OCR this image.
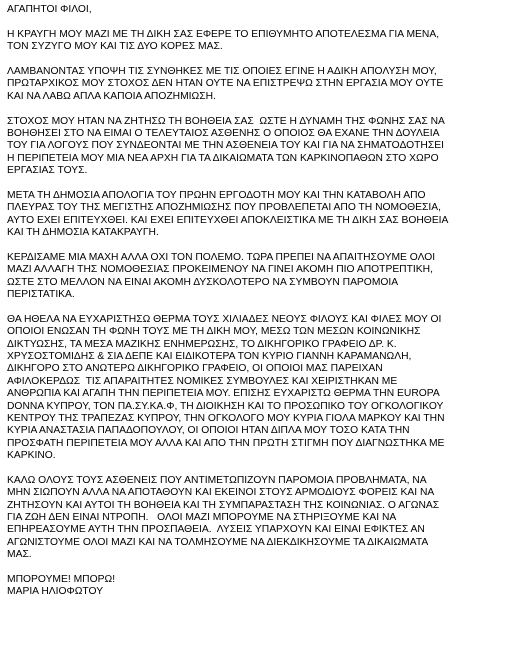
ΑΓΑΠΗΤΟΙ ΦΙΛΟΙ,
Η ΚΡΑΥΓΗ ΜΟΥ ΜΑΖΙ ΜΕ ΤΗ ΔΙΚΗ ΣΑΣ ΕΦΕΡΕ ΤΟ ΕΠΙΘΥΜΗΤΟ ΑΠΟΤΕΛΕΣΜΑ ΓΙΑ ΜΕΝΑ,
ΤΟΝ ΣΥΖΥΓΟ ΜΟΥ ΚΑΙ ΤΙΣ ΔΥΟ ΚΟΡΕΣ ΜΑΣ.
ΛΑΜΒΑΝΟΝΤΑΣ ΥΠΟΨΗ ΤΙΣ ΣΥΝΘΗΚΕΣ ΜΕ ΤΙΣ ΟΠΟΙΕΣ ΕΓΙΝΕ Η ΑΔΙΚΗ ΑΠΟΛΥΣΗ ΜΟΥ,
ΠΡΩΤΑΡΧΙΚΟΣ ΜΟΥ ΣΤΟΧΟΣ ΔΕΝ ΗΤΑΝ ΟΥΤΕ ΝΑ ΕΠΙΣΤΡΕΨΩ ΣΤΗΝ ΕΡΓΑΣΙΑ ΜΟΥ ΟΥΤΕ
ΚΑΙ ΝΑ ΛΑΒΩ ΑΠΛΑ ΚΑΠΟΙΑ ΑΠΟΖΗΜΙΩΣΗ.
ΣΤΟΧΟΣ ΜΟΥ ΗΤΑΝ ΝΑ ΖΗΤΗΣΩ ΤΗ ΒΟΗΘΕΙΑ ΣΑΣ  ΩΣΤΕ Η ΔΥΝΑΜΗ ΤΗΣ ΦΩΝΗΣ ΣΑΣ ΝΑ
ΒΟΗΘΗΣΕΙ ΣΤΟ ΝΑ ΕΙΜΑΙ Ο ΤΕΛΕΥΤΑΙΟΣ ΑΣΘΕΝΗΣ Ο ΟΠΟΙΟΣ ΘΑ ΕΧΑΝΕ ΤΗΝ ΔΟΥΛΕΙΑ
ΤΟΥ ΓΙΑ ΛΟΓΟΥΣ ΠΟΥ ΣΥΝΔΕΟΝΤΑΙ ΜΕ ΤΗΝ ΑΣΘΕΝΕΙΑ ΤΟΥ ΚΑΙ ΓΙΑ ΝΑ ΣΗΜΑΤΟΔΟΤΗΣΕΙ
Η ΠΕΡΙΠΕΤΕΙΑ ΜΟΥ ΜΙΑ ΝΕΑ ΑΡΧΗ ΓΙΑ ΤΑ ΔΙΚΑΙΩΜΑΤΑ ΤΩΝ ΚΑΡΚΙΝΟΠΑΘΩΝ ΣΤΟ ΧΩΡΟ
ΕΡΓΑΣΙΑΣ ΤΟΥΣ.
ΜΕΤΑ ΤΗ ΔΗΜΟΣΙΑ ΑΠΟΛΟΓΙΑ ΤΟΥ ΠΡΩΗΝ ΕΡΓΟΔΟΤΗ ΜΟΥ ΚΑΙ ΤΗΝ ΚΑΤΑΒΟΛΗ ΑΠΟ
ΠΛΕΥΡΑΣ ΤΟΥ ΤΗΣ ΜΕΓΙΣΤΗΣ ΑΠΟΖΗΜΙΩΣΗΣ ΠΟΥ ΠΡΟΒΛΕΠΕΤΑΙ ΑΠΟ ΤΗ ΝΟΜΟΘΕΣΙΑ,
ΑΥΤΟ ΕΧΕΙ ΕΠΙΤΕΥΧΘΕΙ. ΚΑΙ ΕΧΕΙ ΕΠΙΤΕΥΧΘΕΙ ΑΠΟΚΛΕΙΣΤΙΚΑ ΜΕ ΤΗ ΔΙΚΗ ΣΑΣ ΒΟΗΘΕΙΑ
ΚΑΙ ΤΗ ΔΗΜΟΣΙΑ ΚΑΤΑΚΡΑΥΓΗ.
ΚΕΡΔΙΣΑΜΕ ΜΙΑ ΜΑΧΗ ΑΛΛΑ ΟΧΙ ΤΟΝ ΠΟΛΕΜΟ. ΤΩΡΑ ΠΡΕΠΕΙ ΝΑ ΑΠΑΙΤΗΣΟΥΜΕ ΟΛΟΙ
ΜΑΖΙ ΑΛΛΑΓΗ ΤΗΣ ΝΟΜΟΘΕΣΙΑΣ ΠΡΟΚΕΙΜΕΝΟΥ ΝΑ ΓΙΝΕΙ ΑΚΟΜΗ ΠΙΟ ΑΠΟΤΡΕΠΤΙΚΗ,
ΩΣΤΕ ΣΤΟ ΜΕΛΛΟΝ ΝΑ ΕΙΝΑΙ ΑΚΟΜΗ ΔΥΣΚΟΛΟΤΕΡΟ ΝΑ ΣΥΜΒΟΥΝ ΠΑΡΟΜΟΙΑ
ΠΕΡΙΣΤΑΤΙΚΑ.
ΘΑ ΗΘΕΛΑ ΝΑ ΕΥΧΑΡΙΣΤΗΣΩ ΘΕΡΜΑ ΤΟΥΣ ΧΙΛΙΑΔΕΣ ΝΕΟΥΣ ΦΙΛΟΥΣ ΚΑΙ ΦΙΛΕΣ ΜΟΥ ΟΙ
ΟΠΟΙΟΙ ΕΝΩΣΑΝ ΤΗ ΦΩΝΗ ΤΟΥΣ ΜΕ ΤΗ ΔΙΚΗ ΜΟΥ, ΜΕΣΩ ΤΩΝ ΜΕΣΩΝ ΚΟΙΝΩΝΙΚΗΣ
ΔΙΚΤΥΩΣΗΣ, ΤΑ ΜΕΣΑ ΜΑΖΙΚΗΣ ΕΝΗΜΕΡΩΣΗΣ, ΤΟ ΔΙΚΗΓΟΡΙΚΟ ΓΡΑΦΕΙΟ ΔΡ. Κ.
ΧΡΥΣΟΣΤΟΜΙΔΗΣ & ΣΙΑ ΔΕΠΕ ΚΑΙ ΕΙΔΙΚΟΤΕΡΑ ΤΟΝ ΚΥΡΙΟ ΓΙΑΝΝΗ ΚΑΡΑΜΑΝΩΛΗ,
ΔΙΚΗΓΟΡΟ ΣΤΟ ΑΝΩΤΕΡΩ ΔΙΚΗΓΟΡΙΚΟ ΓΡΑΦΕΙΟ, ΟΙ ΟΠΟΙΟΙ ΜΑΣ ΠΑΡΕΙΧΑΝ
ΑΦΙΛΟΚΕΡΔΩΣ  ΤΙΣ ΑΠΑΡΑΙΤΗΤΕΣ ΝΟΜΙΚΕΣ ΣΥΜΒΟΥΛΕΣ ΚΑΙ ΧΕΙΡΙΣΤΗΚΑΝ ΜΕ
ΑΝΘΡΩΠΙΑ ΚΑΙ ΑΓΑΠΗ ΤΗΝ ΠΕΡΙΠΕΤΕΙΑ ΜΟΥ. ΕΠΙΣΗΣ ΕΥΧΑΡΙΣΤΩ ΘΕΡΜΑ ΤΗΝ EUROPA
DONNA ΚΥΠΡΟΥ, ΤΟΝ ΠΑ.ΣΥ.ΚΑ.Φ, ΤΗ ΔΙΟΙΚΗΣΗ ΚΑΙ ΤΟ ΠΡΟΣΩΠΙΚΟ ΤΟΥ ΟΓΚΟΛΟΓΙΚΟΥ
ΚΕΝΤΡΟΥ ΤΗΣ ΤΡΑΠΕΖΑΣ ΚΥΠΡΟΥ, ΤΗΝ ΟΓΚΟΛΟΓΟ ΜΟΥ ΚΥΡΙΑ ΓΙΟΛΑ ΜΑΡΚΟΥ ΚΑΙ ΤΗΝ
ΚΥΡΙΑ ΑΝΑΣΤΑΣΙΑ ΠΑΠΑΔΟΠΟΥΛΟΥ, ΟΙ ΟΠΟΙΟΙ ΗΤΑΝ ΔΙΠΛΑ ΜΟΥ ΤΟΣΟ ΚΑΤΑ ΤΗΝ
ΠΡΟΣΦΑΤΗ ΠΕΡΙΠΕΤΕΙΑ ΜΟΥ ΑΛΛΑ ΚΑΙ ΑΠΟ ΤΗΝ ΠΡΩΤΗ ΣΤΙΓΜΗ ΠΟΥ ΔΙΑΓΝΩΣΤΗΚΑ ΜΕ
ΚΑΡΚΙΝΟ.
ΚΑΛΩ ΟΛΟΥΣ ΤΟΥΣ ΑΣΘΕΝΕΙΣ ΠΟΥ ΑΝΤΙΜΕΤΩΠΙΖΟΥΝ ΠΑΡΟΜΟΙΑ ΠΡΟΒΛΗΜΑΤΑ, ΝΑ
ΜΗΝ ΣΙΩΠΟΥΝ ΑΛΛΑ ΝΑ ΑΠΟΤΑΘΟΥΝ ΚΑΙ ΕΚΕΙΝΟΙ ΣΤΟΥΣ ΑΡΜΟΔΙΟΥΣ ΦΟΡΕΙΣ ΚΑΙ ΝΑ
ΖΗΤΗΣΟΥΝ ΚΑΙ ΑΥΤΟΙ ΤΗ ΒΟΗΘΕΙΑ ΚΑΙ ΤΗ ΣΥΜΠΑΡΑΣΤΑΣΗ ΤΗΣ ΚΟΙΝΩΝΙΑΣ. Ο ΑΓΩΝΑΣ
ΓΙΑ ΖΩΗ ΔΕΝ ΕΙΝΑΙ ΝΤΡΟΠΗ.   ΟΛΟΙ ΜΑΖΙ ΜΠΟΡΟΥΜΕ ΝΑ ΣΤΗΡΙΞΟΥΜΕ ΚΑΙ ΝΑ
ΕΠΗΡΕΑΣΟΥΜΕ ΑΥΤΗ ΤΗΝ ΠΡΟΣΠΑΘΕΙΑ.  ΛΥΣΕΙΣ ΥΠΑΡΧΟΥΝ ΚΑΙ ΕΙΝΑΙ ΕΦΙΚΤΕΣ ΑΝ
ΑΓΩΝΙΣΤΟΥΜΕ ΟΛΟΙ ΜΑΖΙ ΚΑΙ ΝΑ ΤΟΛΜΗΣΟΥΜΕ ΝΑ ΔΙΕΚΔΙΚΗΣΟΥΜΕ ΤΑ ΔΙΚΑΙΩΜΑΤΑ
ΜΑΣ.
ΜΠΟΡΟΥΜΕ! ΜΠΟΡΩ!
ΜΑΡΙΑ ΗΛΙΟΦΩΤΟΥ
